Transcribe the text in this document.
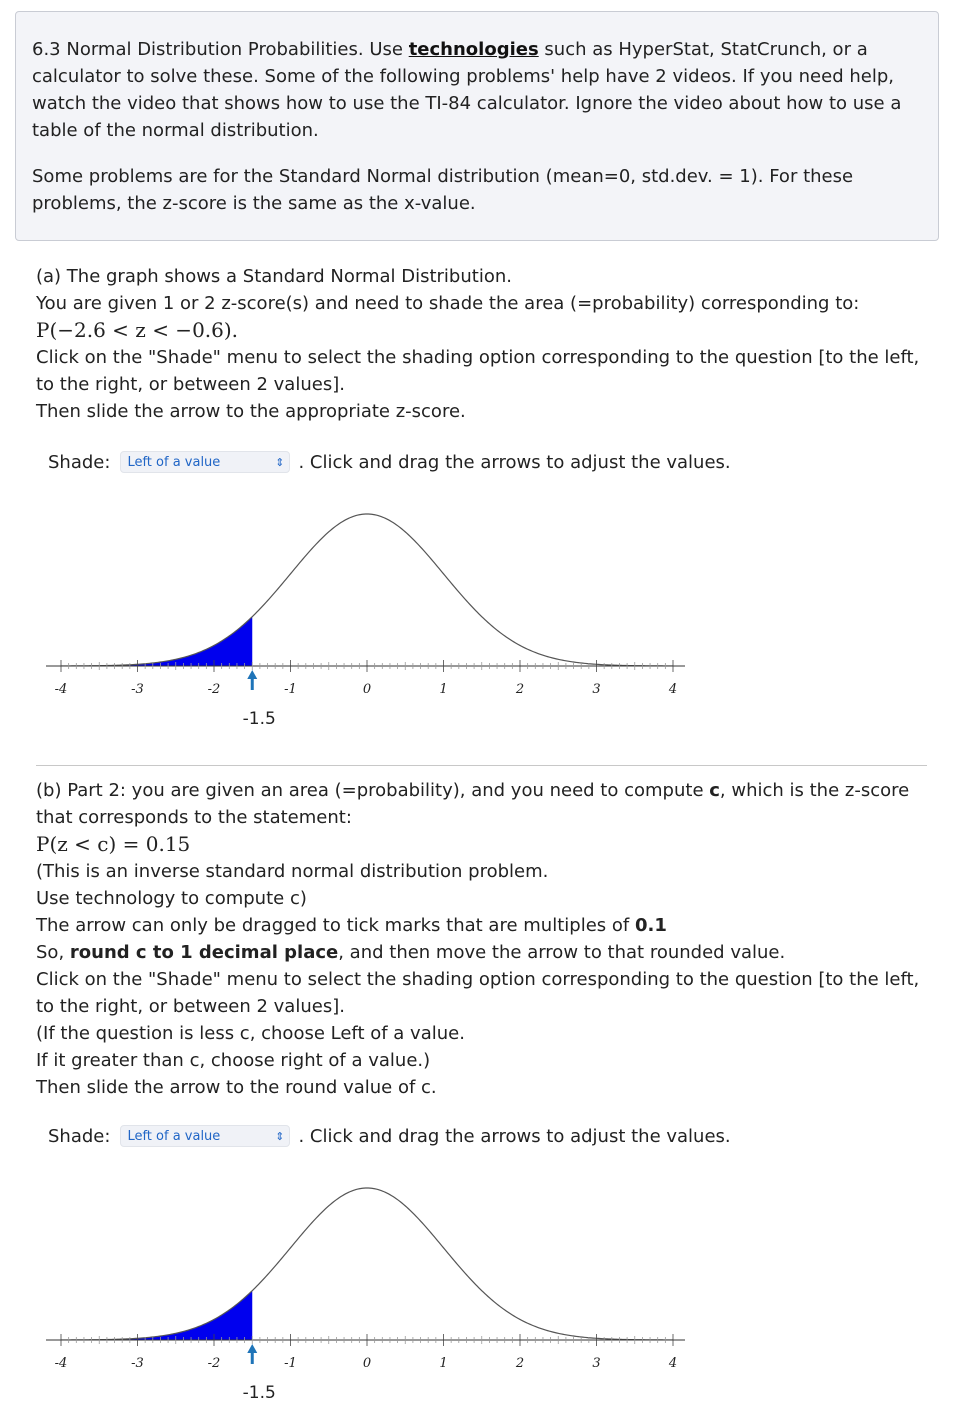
6.3 Normal Distribution Probabilities. Use technologies such as HyperStat, StatCrunch, or a calculator to solve these. Some of the following problems' help have 2 videos. If you need help, watch the video that shows how to use the TI-84 calculator. Ignore the video about how to use a table of the normal distribution.

Some problems are for the Standard Normal distribution (mean=0, std.dev. = 1). For these problems, the z-score is the same as the x-value.

(a) The graph shows a Standard Normal Distribution.

You are given 1 or 2 z-score(s) and need to shade the area (=probability) corresponding to:

P(−2.6 < z < −0.6).

Click on the "Shade" menu to select the shading option corresponding to the question [to the left, to the right, or between 2 values].

Then slide the arrow to the appropriate z-score.

Shade: Left of a value	⇕ . Click and drag the arrows to adjust the values.
-4	-3	-2	-1	0	1	2	3	4
-1.5

(b) Part 2: you are given an area (=probability), and you need to compute c, which is the z-score that corresponds to the statement:

P(z < c) = 0.15

(This is an inverse standard normal distribution problem.

Use technology to compute c)

The arrow can only be dragged to tick marks that are multiples of 0.1

So, round c to 1 decimal place, and then move the arrow to that rounded value.

Click on the "Shade" menu to select the shading option corresponding to the question [to the left, to the right, or between 2 values].

(If the question is less c, choose Left of a value.

If it greater than c, choose right of a value.)

Then slide the arrow to the round value of c.

Shade: Left of a value	⇕ . Click and drag the arrows to adjust the values.
-4	-3	-2	-1	0	1	2	3	4
-1.5
